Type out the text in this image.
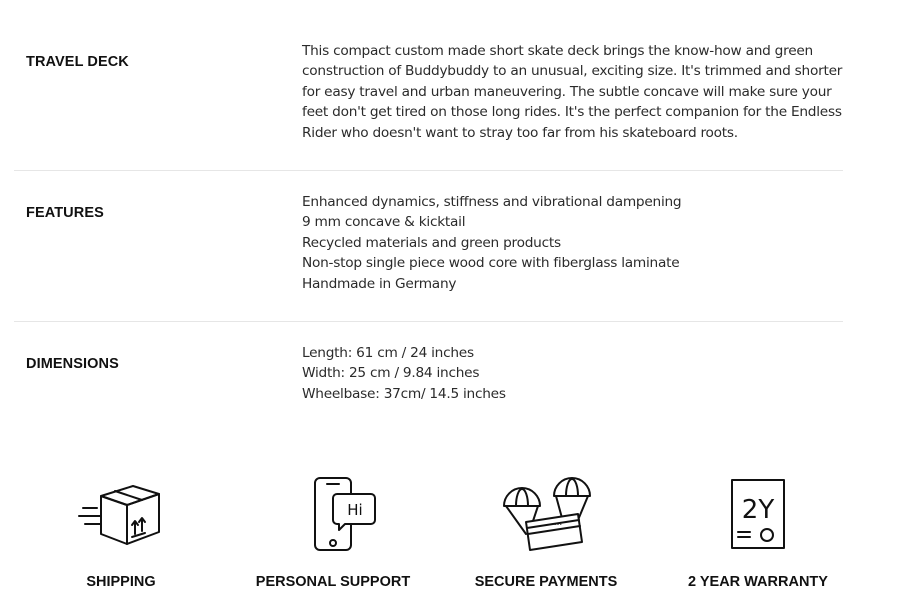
TRAVEL DECK
This compact custom made short skate deck brings the know-how and green
construction of Buddybuddy to an unusual, exciting size. It's trimmed and shorter
for easy travel and urban maneuvering. The subtle concave will make sure your
feet don't get tired on those long rides. It's the perfect companion for the Endless
Rider who doesn't want to stray too far from his skateboard roots.
FEATURES
Enhanced dynamics, stiffness and vibrational dampening
9 mm concave & kicktail
Recycled materials and green products
Non-stop single piece wood core with fiberglass laminate
Handmade in Germany
DIMENSIONS
Length: 61 cm / 24 inches
Width: 25 cm / 9.84 inches
Wheelbase: 37cm/ 14.5 inches
SHIPPING
Hi
PERSONAL SUPPORT
...
SECURE PAYMENTS
2Y
2 YEAR WARRANTY
